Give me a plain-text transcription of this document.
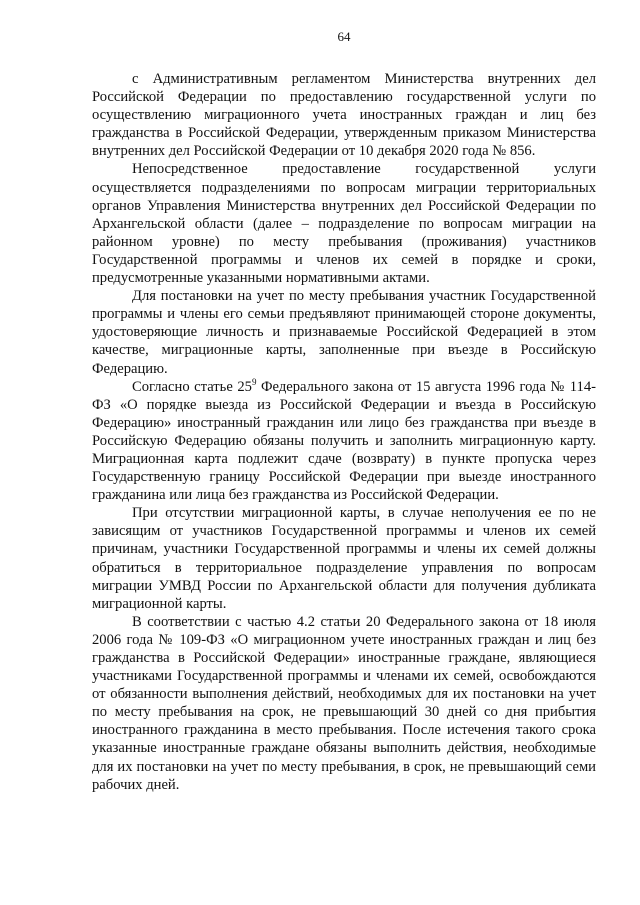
64

с Административным регламентом Министерства внутренних дел Российской Федерации по предоставлению государственной услуги по осуществлению миграционного учета иностранных граждан и лиц без гражданства в Российской Федерации, утвержденным приказом Министерства внутренних дел Российской Федерации от 10 декабря 2020 года № 856.

Непосредственное предоставление государственной услуги осуществляется подразделениями по вопросам миграции территориальных органов Управления Министерства внутренних дел Российской Федерации по Архангельской области (далее – подразделение по вопросам миграции на районном уровне) по месту пребывания (проживания) участников Государственной программы и членов их семей в порядке и сроки, предусмотренные указанными нормативными актами.

Для постановки на учет по месту пребывания участник Государственной программы и члены его семьи предъявляют принимающей стороне документы, удостоверяющие личность и признаваемые Российской Федерацией в этом качестве, миграционные карты, заполненные при въезде в Российскую Федерацию.

Согласно статье $25^9$ Федерального закона от 15 августа 1996 года № 114-ФЗ «О порядке выезда из Российской Федерации и въезда в Российскую Федерацию» иностранный гражданин или лицо без гражданства при въезде в Российскую Федерацию обязаны получить и заполнить миграционную карту. Миграционная карта подлежит сдаче (возврату) в пункте пропуска через Государственную границу Российской Федерации при выезде иностранного гражданина или лица без гражданства из Российской Федерации.

При отсутствии миграционной карты, в случае неполучения ее по не зависящим от участников Государственной программы и членов их семей причинам, участники Государственной программы и члены их семей должны обратиться в территориальное подразделение управления по вопросам миграции УМВД России по Архангельской области для получения дубликата миграционной карты.

В соответствии с частью 4.2 статьи 20 Федерального закона от 18 июля 2006 года № 109-ФЗ «О миграционном учете иностранных граждан и лиц без гражданства в Российской Федерации» иностранные граждане, являющиеся участниками Государственной программы и членами их семей, освобождаются от обязанности выполнения действий, необходимых для их постановки на учет по месту пребывания на срок, не превышающий 30 дней со дня прибытия иностранного гражданина в место пребывания. После истечения такого срока указанные иностранные граждане обязаны выполнить действия, необходимые для их постановки на учет по месту пребывания, в срок, не превышающий семи рабочих дней.
